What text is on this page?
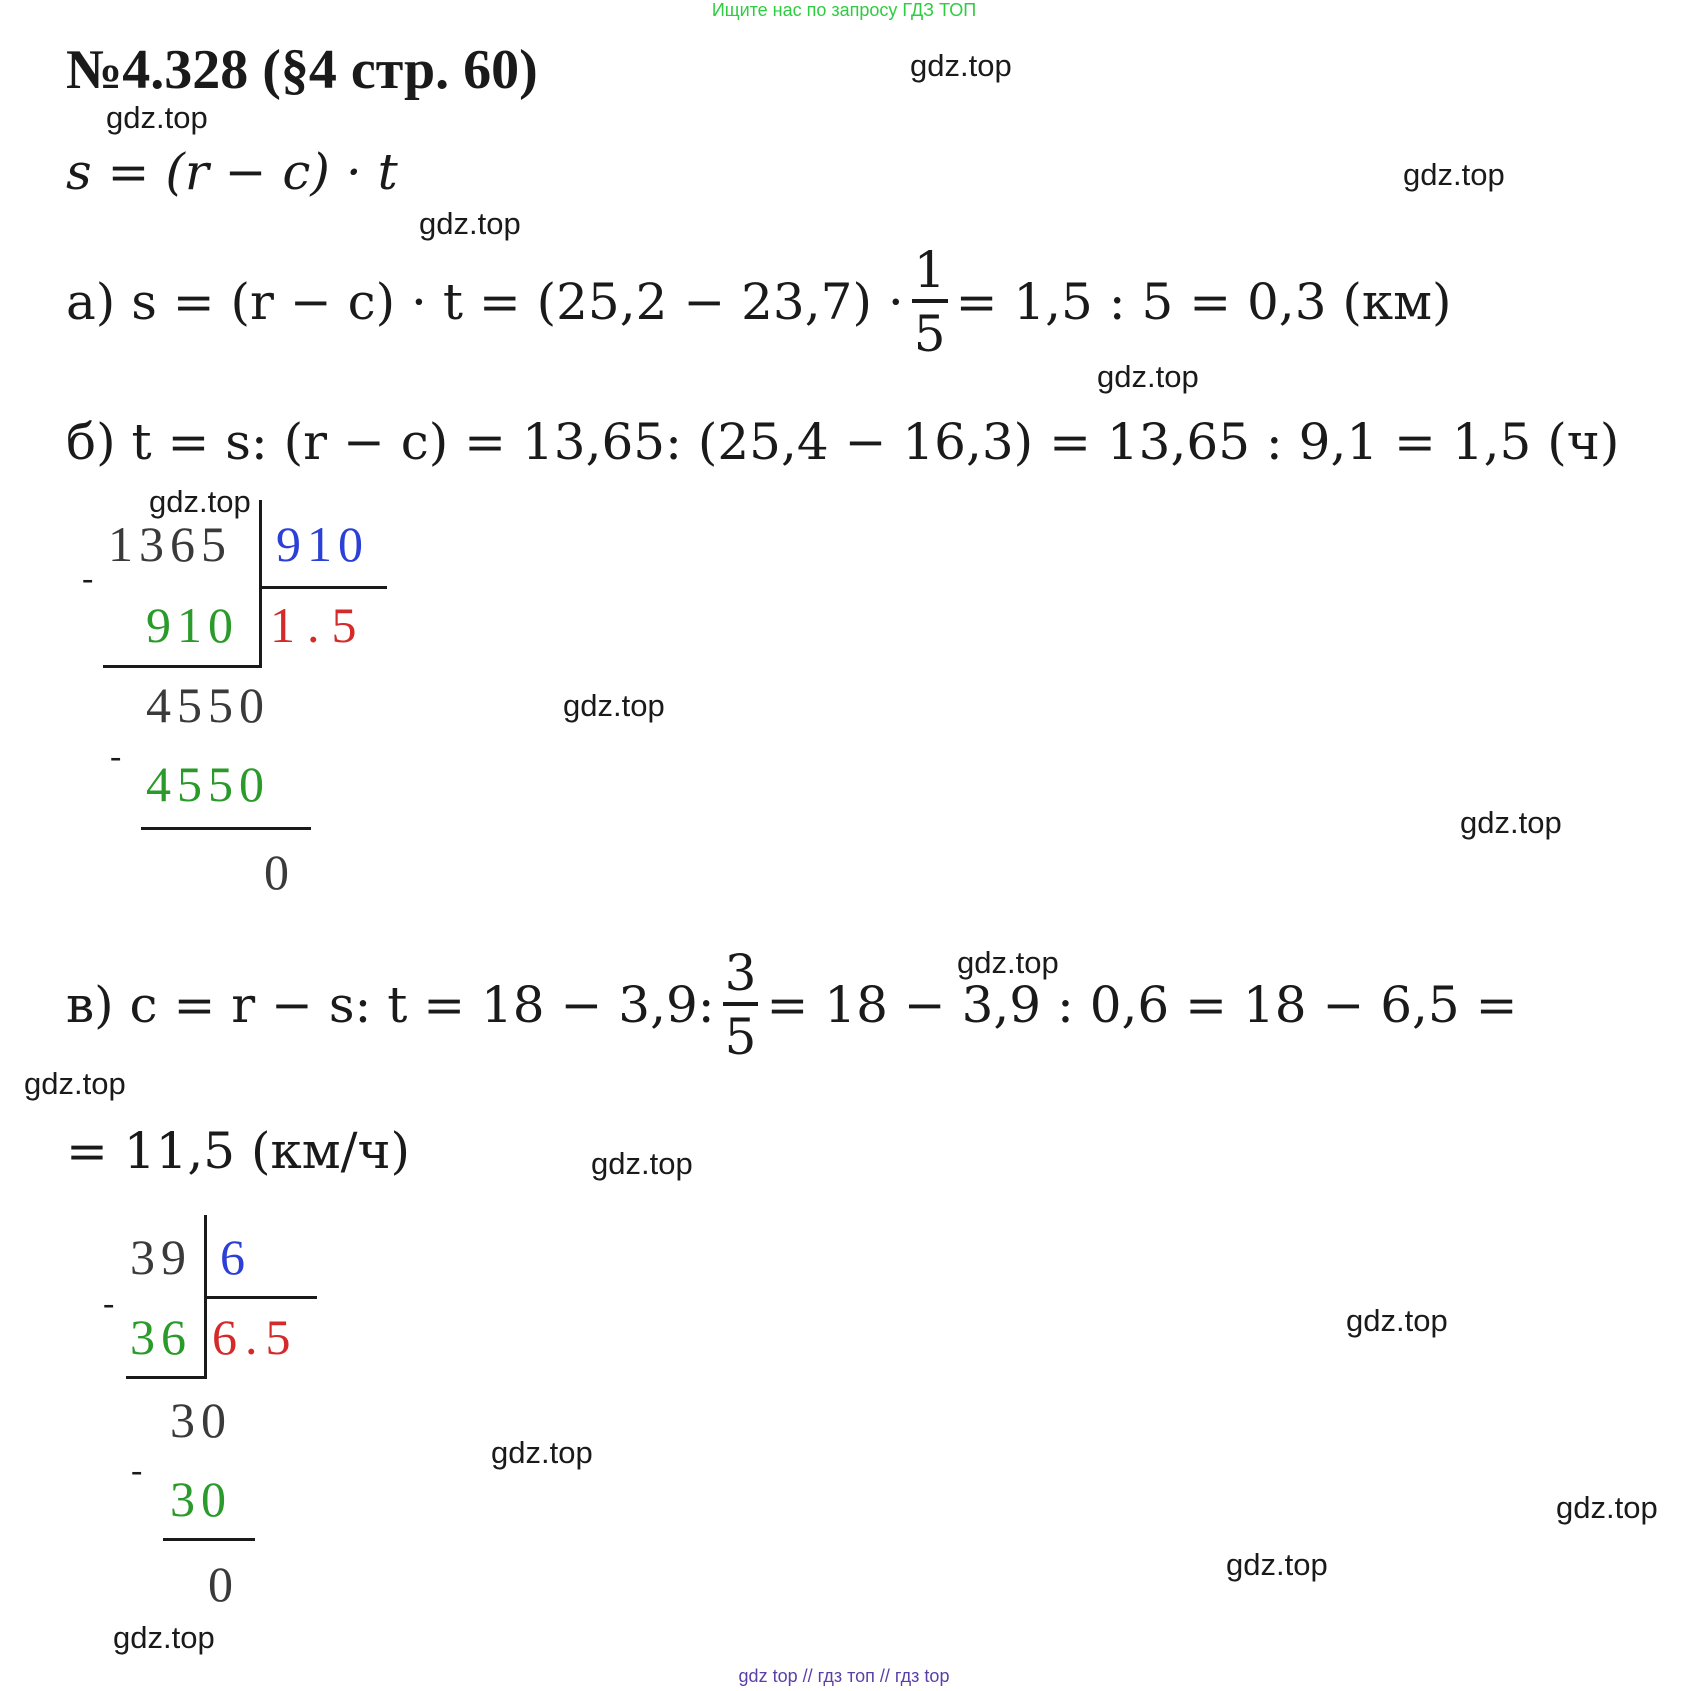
Ищите нас по запросу ГДЗ ТОП
№4.328 (§4 стр. 60)
s = (r − c) · t
а) $s = (r - c) \cdot t = (25,2 - 23,7) \cdot \frac{1}{5} = 1,5$ : 5 = 0,3 (км)
б) t = s: (r − c) = 13,65: (25,4 − 16,3) = 13,65 : 9,1 = 1,5 (ч)
1365 910
-
910 1.5
4550
- 4550
0
в) c = r − s: t = 18 − 3,9: $\frac{3}{5} = 18 - 3,9$ : 0,6 = 18 − 6,5 =
= 11,5 (км/ч)
39 6
-
36 6.5
30
-
30
0
gdz.top
gdz.top
gdz.top
gdz.top
gdz.top
gdz.top
gdz.top
gdz.top
gdz.top
gdz.top
gdz.top
gdz.top
gdz.top
gdz.top
gdz.top
gdz.top
gdz top // гдз топ // гдз top
